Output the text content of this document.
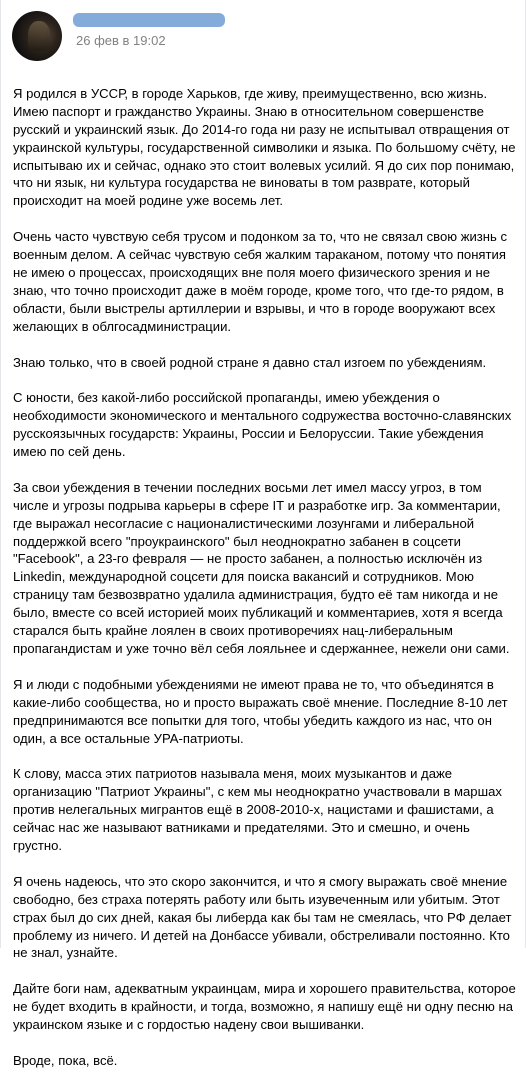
26 фев в 19:02

Я родился в УССР, в городе Харьков, где живу, преимущественно, всю жизнь. Имею паспорт и гражданство Украины. Знаю в относительном совершенстве русский и украинский язык. До 2014-го года ни разу не испытывал отвращения от украинской культуры, государственной символики и языка. По большому счёту, не испытываю их и сейчас, однако это стоит волевых усилий. Я до сих пор понимаю, что ни язык, ни культура государства не виноваты в том разврате, который происходит на моей родине уже восемь лет.

Очень часто чувствую себя трусом и подонком за то, что не связал свою жизнь с военным делом. А сейчас чувствую себя жалким тараканом, потому что понятия не имею о процессах, происходящих вне поля моего физического зрения и не знаю, что точно происходит даже в моём городе, кроме того, что где-то рядом, в области, были выстрелы артиллерии и взрывы, и что в городе вооружают всех желающих в облгосадминистрации.

Знаю только, что в своей родной стране я давно стал изгоем по убеждениям.

С юности, без какой-либо российской пропаганды, имею убеждения о необходимости экономического и ментального содружества восточно-славянских русскоязычных государств: Украины, России и Белоруссии. Такие убеждения имею по сей день.

За свои убеждения в течении последних восьми лет имел массу угроз, в том числе и угрозы подрыва карьеры в сфере IT и разработке игр. За комментарии, где выражал несогласие с националистическими лозунгами и либеральной поддержкой всего "проукраинского" был неоднократно забанен в соцсети "Facebook", а 23-го февраля — не просто забанен, а полностью исключён из Linkedin, международной соцсети для поиска вакансий и сотрудников. Мою страницу там безвозвратно удалила администрация, будто её там никогда и не было, вместе со всей историей моих публикаций и комментариев, хотя я всегда старался быть крайне лоялен в своих противоречиях нац-либеральным пропагандистам и уже точно вёл себя лояльнее и сдержаннее, нежели они сами.

Я и люди с подобными убеждениями не имеют права не то, что объединятся в какие-либо сообщества, но и просто выражать своё мнение. Последние 8-10 лет предпринимаются все попытки для того, чтобы убедить каждого из нас, что он один, а все остальные УРА-патриоты.

К слову, масса этих патриотов называла меня, моих музыкантов и даже организацию "Патриот Украины", с кем мы неоднократно участвовали в маршах против нелегальных мигрантов ещё в 2008-2010-х, нацистами и фашистами, а сейчас нас же называют ватниками и предателями. Это и смешно, и очень грустно.

Я очень надеюсь, что это скоро закончится, и что я смогу выражать своё мнение свободно, без страха потерять работу или быть изувеченным или убитым. Этот страх был до сих дней, какая бы либерда как бы там не смеялась, что РФ делает проблему из ничего. И детей на Донбассе убивали, обстреливали постоянно. Кто не знал, узнайте.

Дайте боги нам, адекватным украинцам, мира и хорошего правительства, которое не будет входить в крайности, и тогда, возможно, я напишу ещё ни одну песню на украинском языке и с гордостью надену свои вышиванки.

Вроде, пока, всё.
